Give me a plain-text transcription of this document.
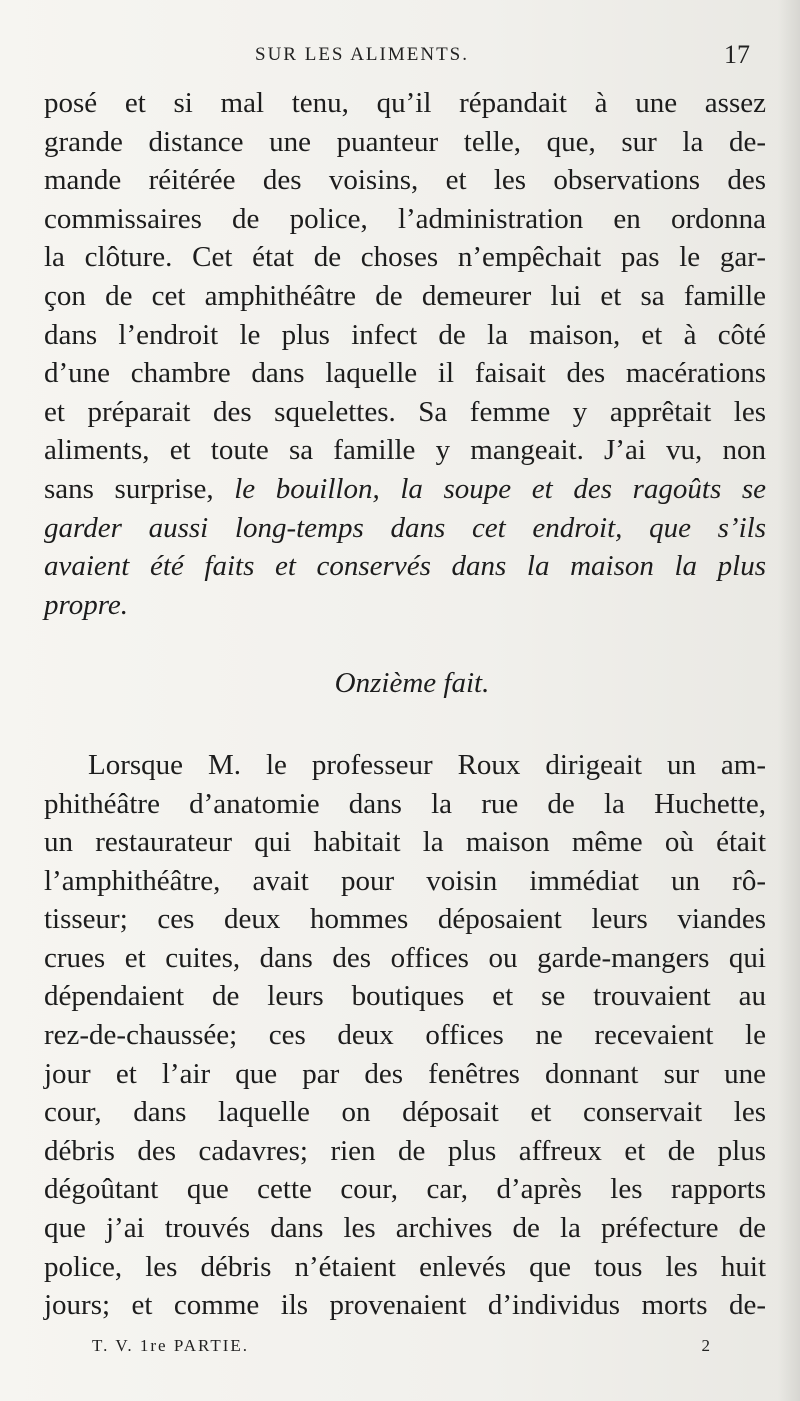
SUR LES ALIMENTS.	17
posé et si mal tenu, qu’il répandait à une assez
grande distance une puanteur telle, que, sur la de-
mande réitérée des voisins, et les observations des
commissaires de police, l’administration en ordonna
la clôture. Cet état de choses n’empêchait pas le gar-
çon de cet amphithéâtre de demeurer lui et sa famille
dans l’endroit le plus infect de la maison, et à côté
d’une chambre dans laquelle il faisait des macérations
et préparait des squelettes. Sa femme y apprêtait les
aliments, et toute sa famille y mangeait. J’ai vu, non
sans surprise, le bouillon, la soupe et des ragoûts se
garder aussi long-temps dans cet endroit, que s’ils
avaient été faits et conservés dans la maison la plus
propre.
Onzième fait.
Lorsque M. le professeur Roux dirigeait un am-
phithéâtre d’anatomie dans la rue de la Huchette,
un restaurateur qui habitait la maison même où était
l’amphithéâtre, avait pour voisin immédiat un rô-
tisseur; ces deux hommes déposaient leurs viandes
crues et cuites, dans des offices ou garde-mangers qui
dépendaient de leurs boutiques et se trouvaient au
rez-de-chaussée; ces deux offices ne recevaient le
jour et l’air que par des fenêtres donnant sur une
cour, dans laquelle on déposait et conservait les
débris des cadavres; rien de plus affreux et de plus
dégoûtant que cette cour, car, d’après les rapports
que j’ai trouvés dans les archives de la préfecture de
police, les débris n’étaient enlevés que tous les huit
jours; et comme ils provenaient d’individus morts de-
T. V. 1re PARTIE.	2
